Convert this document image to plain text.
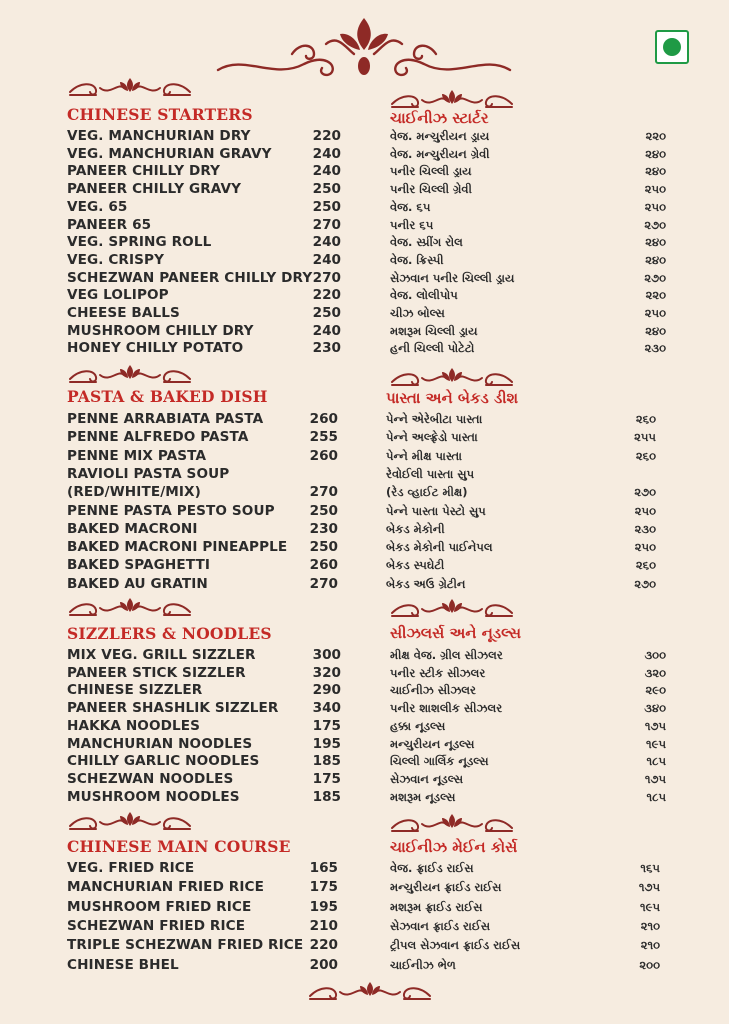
CHINESE STARTERS	ચાઈનીઝ સ્ટાર્ટર
VEG. MANCHURIAN DRY	220	વેજ. મન્ચુરીયન ડ્રાય	૨૨૦
VEG. MANCHURIAN GRAVY	240	વેજ. મન્ચુરીયન ગ્રેવી	૨૪૦
PANEER CHILLY DRY	240	પનીર ચિલ્લી ડ્રાય	૨૪૦
PANEER CHILLY GRAVY	250	પનીર ચિલ્લી ગ્રેવી	૨૫૦
VEG. 65	250	વેજ. ૬૫	૨૫૦
PANEER 65	270	પનીર ૬૫	૨૭૦
VEG. SPRING ROLL	240	વેજ. સ્પ્રીંગ રોલ	૨૪૦
VEG. CRISPY	240	વેજ. ક્રિસ્પી	૨૪૦
SCHEZWAN PANEER CHILLY DRY 270	સેઝવાન પનીર ચિલ્લી ડ્રાય	૨૭૦
VEG LOLIPOP	220	વેજ. લોલીપોપ	૨૨૦
CHEESE BALLS	250	ચીઝ બોલ્સ	૨૫૦
MUSHROOM CHILLY DRY	240	મશરૂમ ચિલ્લી ડ્રાય	૨૪૦
HONEY CHILLY POTATO	230	હની ચિલ્લી પોટેટો	૨૩૦
PASTA & BAKED DISH	પાસ્તા અને બેકડ ડીશ
PENNE ARRABIATA PASTA	260	પેન્ને એરેબીટા પાસ્તા	૨૬૦
PENNE ALFREDO PASTA	255	પેન્ને અલ્ફ્રેડો પાસ્તા	૨૫૫
PENNE MIX PASTA	260	પેન્ને મીક્ષ પાસ્તા	૨૬૦
RAVIOLI PASTA SOUP	રેવોઈલી પાસ્તા સુપ
(RED/WHITE/MIX)	270	(રેડ વ્હાઈટ મીક્ષ)	૨૭૦
PENNE PASTA PESTO SOUP	250	પેન્ને પાસ્તા પેસ્ટો સુપ	૨૫૦
BAKED MACRONI	230	બેકડ મેકોની	૨૩૦
BAKED MACRONI PINEAPPLE	250	બેકડ મેકોની પાઈનેપલ	૨૫૦
BAKED SPAGHETTI	260	બેકડ સ્પઘેટી	૨૬૦
BAKED AU GRATIN	270	બેકડ અઉ ગ્રેટીન	૨૭૦
SIZZLERS & NOODLES	સીઝલર્સ અને નૂડલ્સ
MIX VEG. GRILL SIZZLER	300	મીક્ષ વેજ. ગ્રીલ સીઝલર	૩૦૦
PANEER STICK SIZZLER	320	પનીર સ્ટીક સીઝલર	૩૨૦
CHINESE SIZZLER	290	ચાઈનીઝ સીઝલર	૨૯૦
PANEER SHASHLIK SIZZLER	340	પનીર શાશલીક સીઝલર	૩૪૦
HAKKA NOODLES	175	હક્કા નૂડલ્સ	૧૭૫
MANCHURIAN NOODLES	195	મન્ચુરીયન નૂડલ્સ	૧૯૫
CHILLY GARLIC NOODLES	185	ચિલ્લી ગાર્લિક નૂડલ્સ	૧૮૫
SCHEZWAN NOODLES	175	સેઝવાન નૂડલ્સ	૧૭૫
MUSHROOM NOODLES	185	મશરૂમ નૂડલ્સ	૧૮૫
CHINESE MAIN COURSE	ચાઈનીઝ મેઈન કોર્સ
VEG. FRIED RICE	165	વેજ. ફ્રાઈડ રાઈસ	૧૬૫
MANCHURIAN FRIED RICE	175	મન્ચુરીયન ફ્રાઈડ રાઈસ	૧૭૫
MUSHROOM FRIED RICE	195	મશરૂમ ફ્રાઈડ રાઈસ	૧૯૫
SCHEZWAN FRIED RICE	210	સેઝવાન ફ્રાઈડ રાઈસ	૨૧૦
TRIPLE SCHEZWAN FRIED RICE 220	ટ્રીપલ સેઝવાન ફ્રાઈડ રાઈસ	૨૧૦
CHINESE BHEL	200	ચાઈનીઝ ભેળ	૨૦૦
